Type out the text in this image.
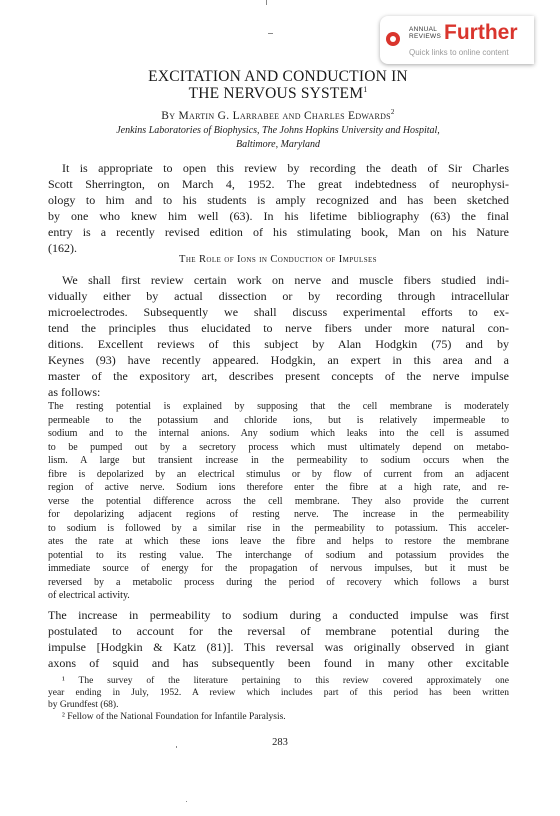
ANNUAL
REVIEWS Further
Quick links to online content
EXCITATION AND CONDUCTION IN
THE NERVOUS SYSTEM$^1$
By Martin G. Larrabee and Charles Edwards$^2$
Jenkins Laboratories of Biophysics, The Johns Hopkins University and Hospital,
Baltimore, Maryland
It is appropriate to open this review by recording the death of Sir Charles
Scott Sherrington, on March 4, 1952. The great indebtedness of neurophysi-
ology to him and to his students is amply recognized and has been sketched
by one who knew him well (63). In his lifetime bibliography (63) the final
entry is a recently revised edition of his stimulating book, Man on his Nature
(162).
The Role of Ions in Conduction of Impulses
We shall first review certain work on nerve and muscle fibers studied indi-
vidually either by actual dissection or by recording through intracellular
microelectrodes. Subsequently we shall discuss experimental efforts to ex-
tend the principles thus elucidated to nerve fibers under more natural con-
ditions. Excellent reviews of this subject by Alan Hodgkin (75) and by
Keynes (93) have recently appeared. Hodgkin, an expert in this area and a
master of the expository art, describes present concepts of the nerve impulse
as follows:
The resting potential is explained by supposing that the cell membrane is moderately
permeable to the potassium and chloride ions, but is relatively impermeable to
sodium and to the internal anions. Any sodium which leaks into the cell is assumed
to be pumped out by a secretory process which must ultimately depend on metabo-
lism. A large but transient increase in the permeability to sodium occurs when the
fibre is depolarized by an electrical stimulus or by flow of current from an adjacent
region of active nerve. Sodium ions therefore enter the fibre at a high rate, and re-
verse the potential difference across the cell membrane. They also provide the current
for depolarizing adjacent regions of resting nerve. The increase in the permeability
to sodium is followed by a similar rise in the permeability to potassium. This acceler-
ates the rate at which these ions leave the fibre and helps to restore the membrane
potential to its resting value. The interchange of sodium and potassium provides the
immediate source of energy for the propagation of nervous impulses, but it must be
reversed by a metabolic process during the period of recovery which follows a burst
of electrical activity.
The increase in permeability to sodium during a conducted impulse was first
postulated to account for the reversal of membrane potential during the
impulse [Hodgkin & Katz (81)]. This reversal was originally observed in giant
axons of squid and has subsequently been found in many other excitable
¹ The survey of the literature pertaining to this review covered approximately one
year ending in July, 1952. A review which includes part of this period has been written
by Grundfest (68).
² Fellow of the National Foundation for Infantile Paralysis.
283
